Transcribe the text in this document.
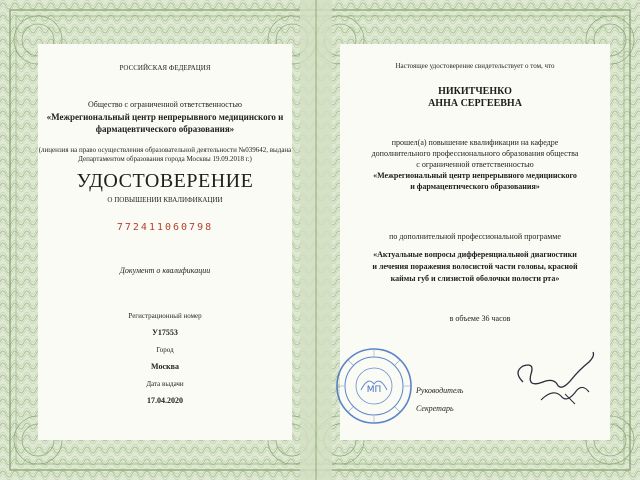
РОССИЙСКАЯ ФЕДЕРАЦИЯ
Общество с ограниченной ответственностью
«Межрегиональный центр непрерывного медицинского и
фармацевтического образования»
(лицензия на право осуществления образовательной деятельности №039642, выдана
Департаментом образования города Москвы 19.09.2018 г.)
УДОСТОВЕРЕНИЕ
О ПОВЫШЕНИИ КВАЛИФИКАЦИИ
772411060798
Документ о квалификации
Регистрационный номер
У17553
Город
Москва
Дата выдачи
17.04.2020
Настоящее удостоверение свидетельствует о том, что
НИКИТЧЕНКО
АННА СЕРГЕЕВНА
прошел(а) повышение квалификации на кафедре
дополнительного профессионального образования общества
с ограниченной ответственностью
«Межрегиональный центр непрерывного медицинского
и фармацевтического образования»
по дополнительной профессиональной программе
«Актуальные вопросы дифференциальной диагностики
и лечения поражения волосистой части головы, красной
каймы губ и слизистой оболочки полости рта»
в объеме 36 часов
Руководитель
Секретарь
МП
